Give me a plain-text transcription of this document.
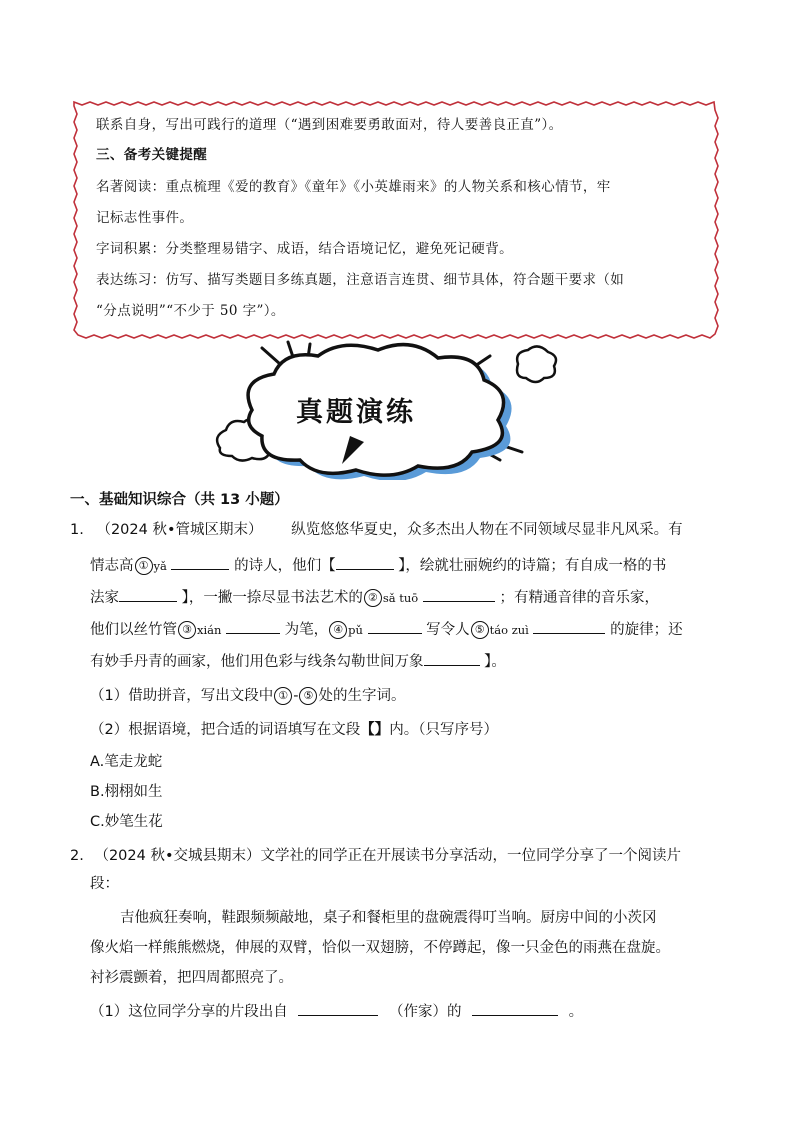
联系自身，写出可践行的道理（“遇到困难要勇敢面对，待人要善良正直”）。
三、备考关键提醒
名著阅读：重点梳理《爱的教育》《童年》《小英雄雨来》的人物关系和核心情节，牢
记标志性事件。
字词积累：分类整理易错字、成语，结合语境记忆，避免死记硬背。
表达练习：仿写、描写类题目多练真题，注意语言连贯、细节具体，符合题干要求（如
“分点说明”“不少于 50 字”）。
真题演练
一、基础知识综合（共 13 小题）
1. （2024 秋•管城区期末） 纵览悠悠华夏史，众多杰出人物在不同领域尽显非凡风采。有
情志高 ① yǎ	的诗人，他们【	】，绘就壮丽婉约的诗篇；有自成一格的书
法家	】，一撇一捺尽显书法艺术的 ② sǎ tuō	；有精通音律的音乐家，
他们以丝竹管 ③ xián	为笔， ④ pǔ	写令人 ⑤ táo zuì	的旋律；还
有妙手丹青的画家，他们用色彩与线条勾勒世间万象	】。
（1）借助拼音，写出文段中 ① - ⑤ 处的生字词。
（2）根据语境，把合适的词语填写在文段【】内。（只写序号）
A.笔走龙蛇
B.栩栩如生
C.妙笔生花
2. （2024 秋•交城县期末）文学社的同学正在开展读书分享活动，一位同学分享了一个阅读片
段：
吉他疯狂奏响，鞋跟频频敲地，桌子和餐柜里的盘碗震得叮当响。厨房中间的小茨冈
像火焰一样熊熊燃烧，伸展的双臂，恰似一双翅膀，不停蹲起，像一只金色的雨燕在盘旋。
衬衫震颤着，把四周都照亮了。
（1）这位同学分享的片段出自	（作家）的	。
